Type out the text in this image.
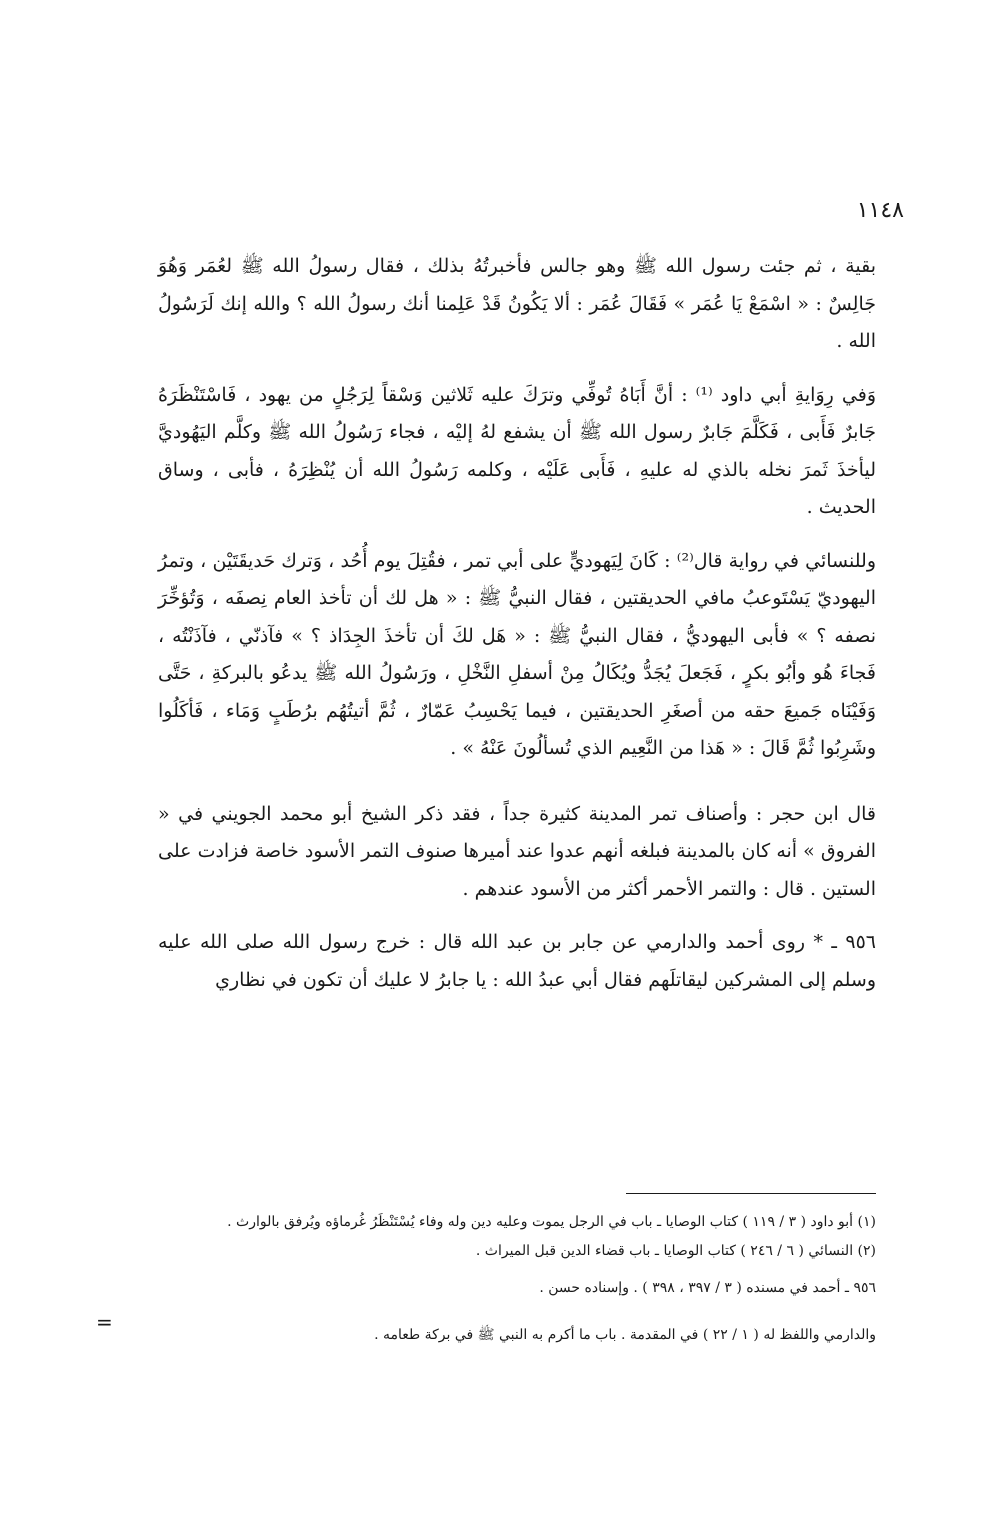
١١٤٨

بقية ، ثم جئت رسول الله ﷺ وهو جالس فأخبرتُهُ بذلك ، فقال رسولُ الله ﷺ لعُمَر وَهُوَ جَالِسٌ : « اسْمَعْ يَا عُمَر » فَقَالَ عُمَر : ألا يَكُونُ قَدْ عَلِمنا أنك رسولُ الله ؟ والله إنك لَرَسُولُ الله .

وَفي رِوَايةِ أبي داود ⁽¹⁾ : أنَّ أَبَاهُ تُوفِّي وترَكَ عليه ثَلاثين وَسْقاً لِرَجُلٍ من يهود ، فَاسْتَنْظَرَهُ جَابرٌ فَأَبى ، فَكَلَّمَ جَابرٌ رسول الله ﷺ أن يشفع لهُ إليْه ، فجاء رَسُولُ الله ﷺ وكلَّم اليَهُوديَّ ليأخذَ ثَمرَ نخله بالذي له عليهِ ، فَأَبى عَلَيْه ، وكلمه رَسُولُ الله أن يُنْظِرَهُ ، فأبى ، وساق الحديث .

وللنسائي في رواية قال⁽²⁾ : كَانَ لِيَهوديٍّ على أبي تمر ، فقُتِلَ يوم أُحُد ، وَترك حَديقَتَيْن ، وتمرُ اليهوديّ يَسْتَوعبُ مافي الحديقتين ، فقال النبيُّ ﷺ : « هل لك أن تأخذ العام نِصفَه ، وَتُؤخِّرَ نصفه ؟ » فأبى اليهوديُّ ، فقال النبيُّ ﷺ : « هَل لكَ أن تأخذَ الجِدَاذ ؟ » فآذنّي ، فآذَنْتُه ، فَجاءَ هُو وأبُو بكرٍ ، فَجَعلَ يُجَدُّ ويُكَالُ مِنْ أسفلِ النَّخْلِ ، ورَسُولُ الله ﷺ يدعُو بالبركةِ ، حَتَّى وَفَيْنَاه جَميعَ حقه من أصغَرِ الحديقتين ، فيما يَحْسِبُ عَمّارٌ ، ثُمَّ أتيتُهُم برُطَبٍ وَمَاء ، فَأكَلُوا وشَرِبُوا ثُمَّ قَالَ : « هَذا من النَّعِيم الذي تُسألُونَ عَنْهُ » .

قال ابن حجر : وأصناف تمر المدينة كثيرة جداً ، فقد ذكر الشيخ أبو محمد الجويني في « الفروق » أنه كان بالمدينة فبلغه أنهم عدوا عند أميرها صنوف التمر الأسود خاصة فزادت على الستين . قال : والتمر الأحمر أكثر من الأسود عندهم .

٩٥٦ ـ * روى أحمد والدارمي عن جابر بن عبد الله قال : خرج رسول الله صلى الله عليه وسلم إلى المشركين ليقاتلَهم فقال أبي عبدُ الله : يا جابرُ لا عليك أن تكون في نظاري

(١) أبو داود ( ٣ / ١١٩ ) كتاب الوصايا ـ باب في الرجل يموت وعليه دين وله وفاء يُسْتَنْظَرُ غُرماؤه ويُرفق بالوارث .

(٢) النسائي ( ٦ / ٢٤٦ ) كتاب الوصايا ـ باب قضاء الدين قبل الميراث .

٩٥٦ ـ أحمد في مسنده ( ٣ / ٣٩٧ ، ٣٩٨ ) . وإسناده حسن .

والدارمي واللفظ له ( ١ / ٢٢ ) في المقدمة . باب ما أكرم به النبي ﷺ في بركة طعامه .

=
